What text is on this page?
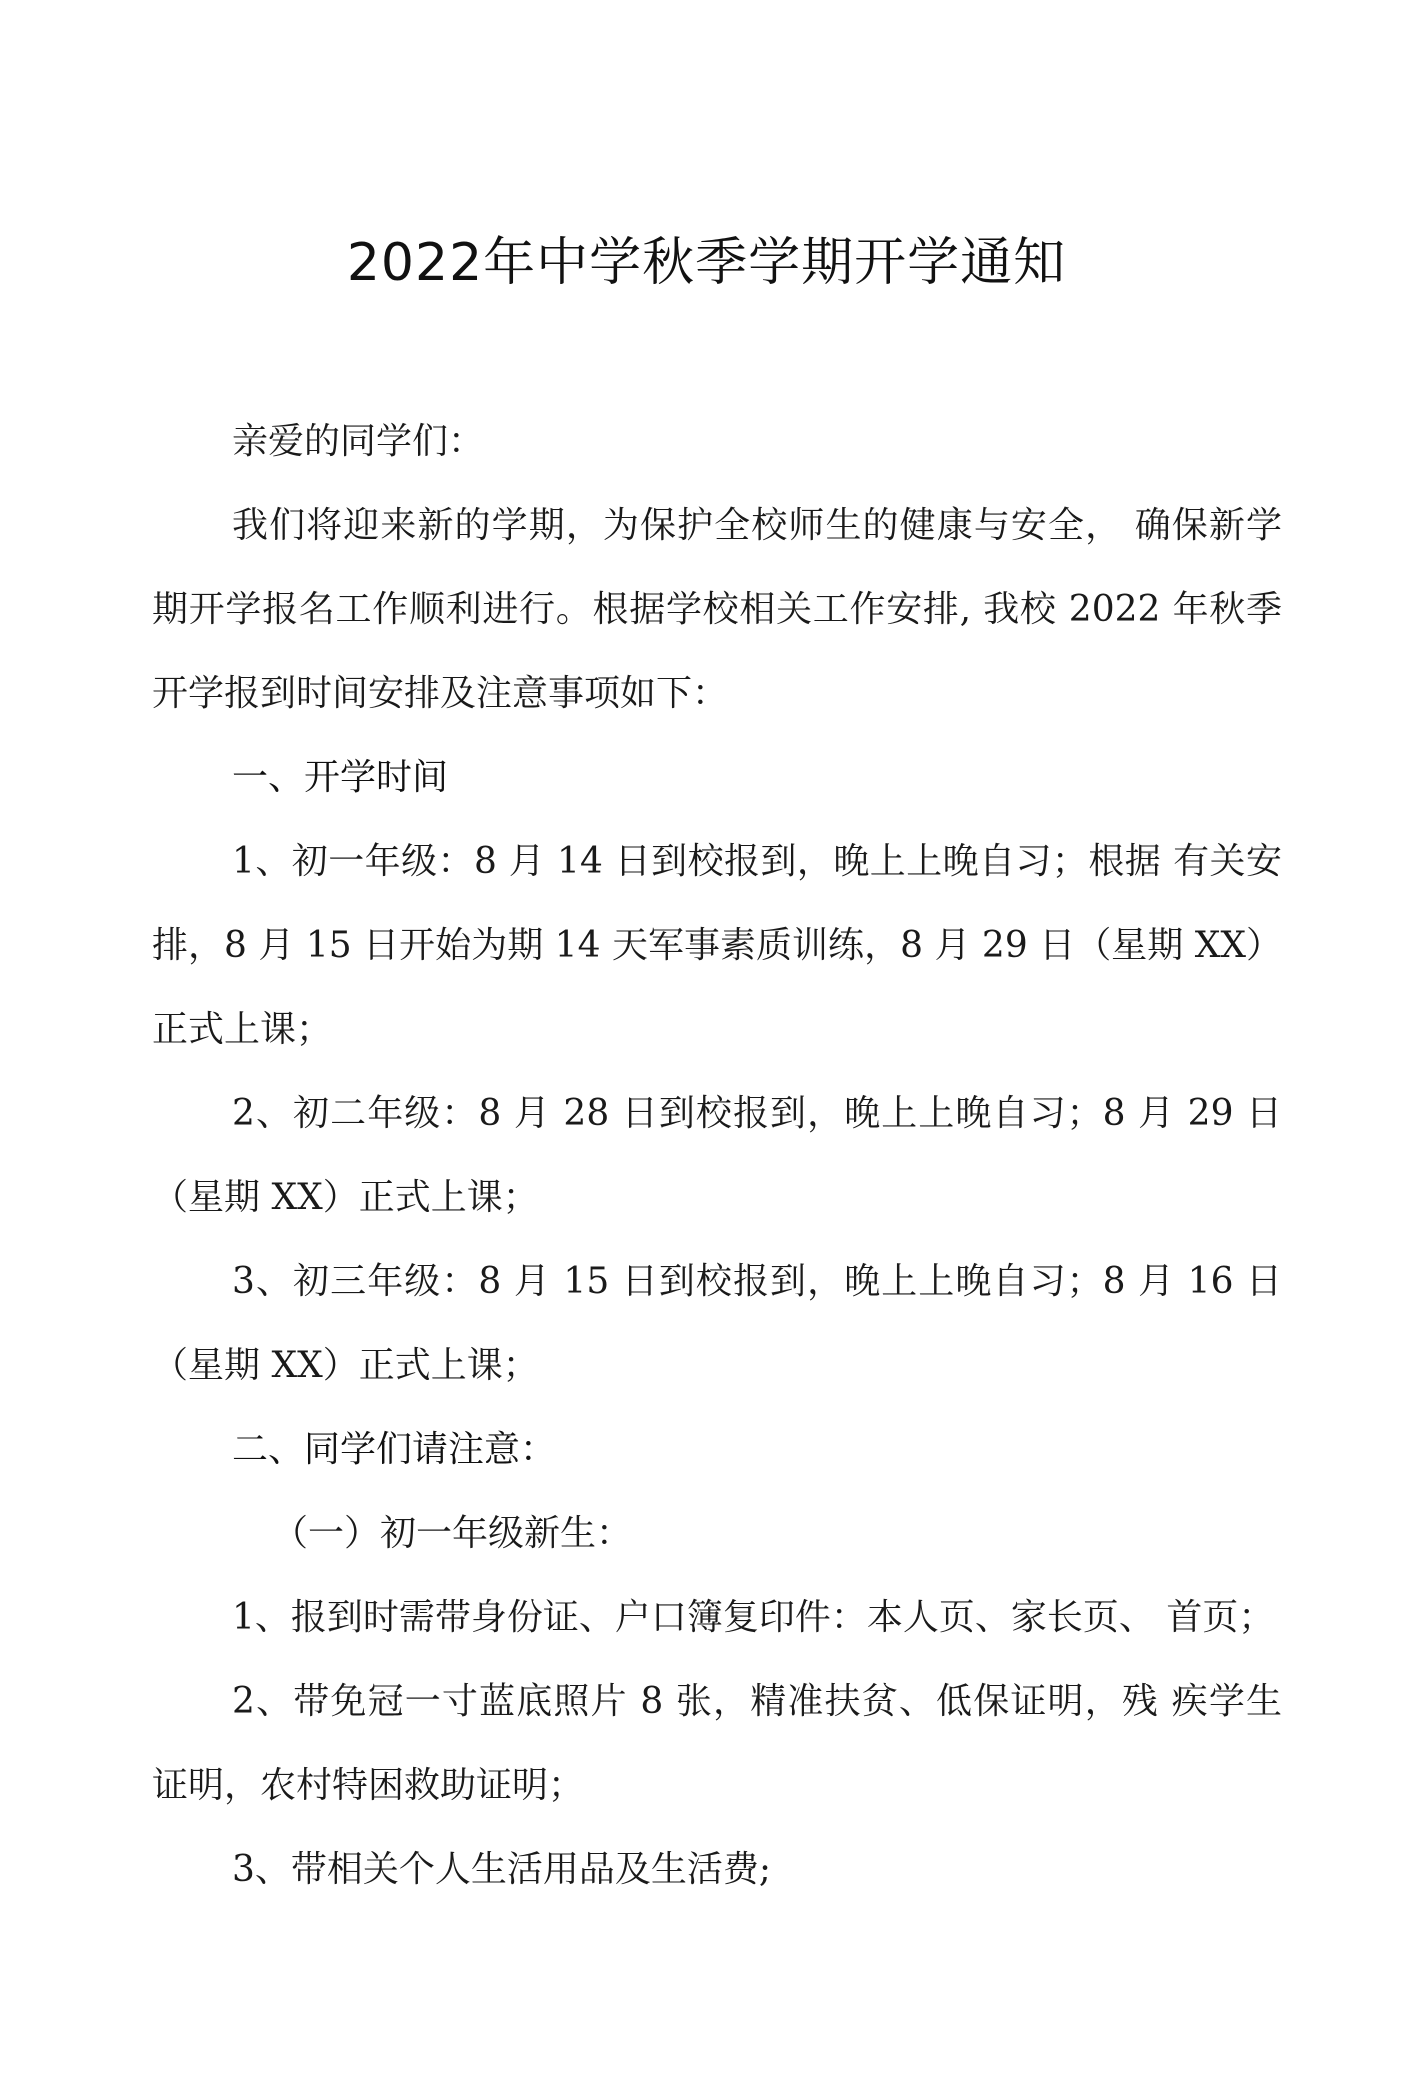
2022年中学秋季学期开学通知

亲爱的同学们：

我们将迎来新的学期，为保护全校师生的健康与安全， 确保新学期开学报名工作顺利进行。根据学校相关工作安排, 我校 2022 年秋季开学报到时间安排及注意事项如下：

一、开学时间

1、初一年级：8 月 14 日到校报到，晚上上晚自习；根据 有关安排，8 月 15 日开始为期 14 天军事素质训练，8 月 29 日（星期 XX）正式上课；

2、初二年级：8 月 28 日到校报到，晚上上晚自习；8 月 29 日（星期 XX）正式上课；

3、初三年级：8 月 15 日到校报到，晚上上晚自习；8 月 16 日（星期 XX）正式上课；

二、同学们请注意：

（一）初一年级新生：

1、报到时需带身份证、户口簿复印件：本人页、家长页、 首页；

2、带免冠一寸蓝底照片 8 张，精准扶贫、低保证明，残 疾学生证明，农村特困救助证明；

3、带相关个人生活用品及生活费;
